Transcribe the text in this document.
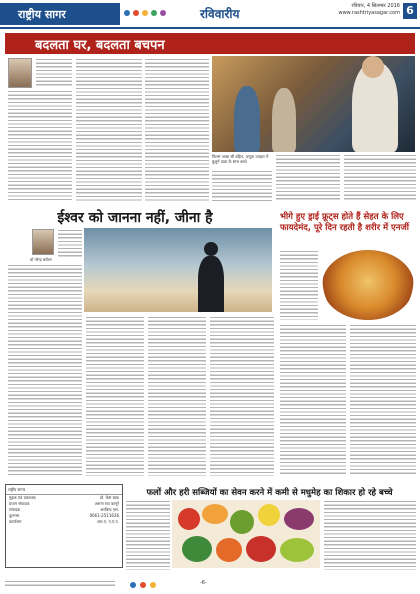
राष्ट्रीय सागर	रविवारीय
रविवार, 4 सितम्बर 2016
www.rashtriyasagar.com 6
बदलता घर, बदलता बचपन
फिल्म आबा सी बहिन, अनूठा उपहार में बुजुर्ग दादा के साथ बच्चे
ईश्वर को जानना नहीं, जीना है
डॉ नरेन्द्र बरोला
भीगे हुए ड्राई फ्रूट्स होते हैं सेहत के लिए फायदेमंद, पूरे दिन रहती है शरीर में एनर्जी
राष्ट्रीय सागर
मुद्रक एवं प्रकाशक	डॉ. केस बाक
प्रधान संपादक	अरूण राव कानूरे
संपादक	अरविन्द एस.
दूरभाष	0661-2511636
कार्यालय	आर.ए. ए.ए.ए.
फलों और हरी सब्जियों का सेवन करने में कमी से मधुमेह का शिकार हो रहे बच्चे
-6-
